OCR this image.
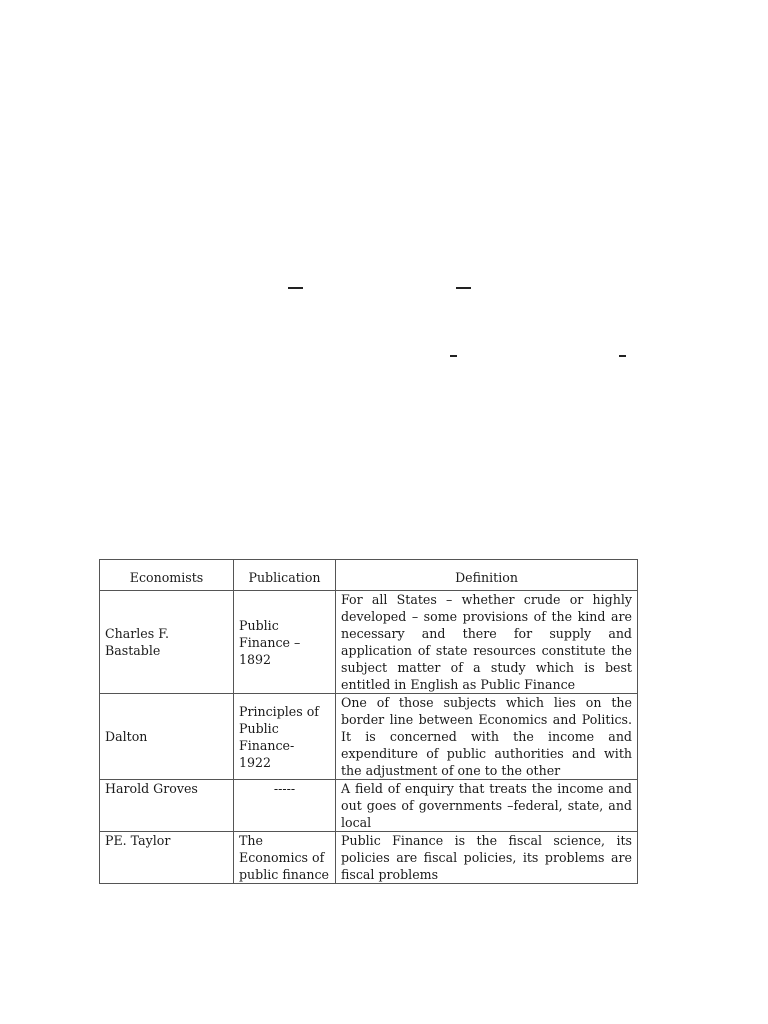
Economists	Publication	Definition
Charles F. Bastable	Public Finance – 1892	For all States – whether crude or highly developed – some provisions of the kind are necessary and there for supply and application of state resources constitute the subject matter of a study which is best entitled in English as Public Finance
Dalton	Principles of Public Finance- 1922	One of those subjects which lies on the border line between Economics and Politics. It is concerned with the income and expenditure of public authorities and with the adjustment of one to the other
Harold Groves	-----	A field of enquiry that treats the income and out goes of governments –federal, state, and local
PE. Taylor	The Economics of public finance	Public Finance is the fiscal science, its policies are fiscal policies, its problems are fiscal problems
